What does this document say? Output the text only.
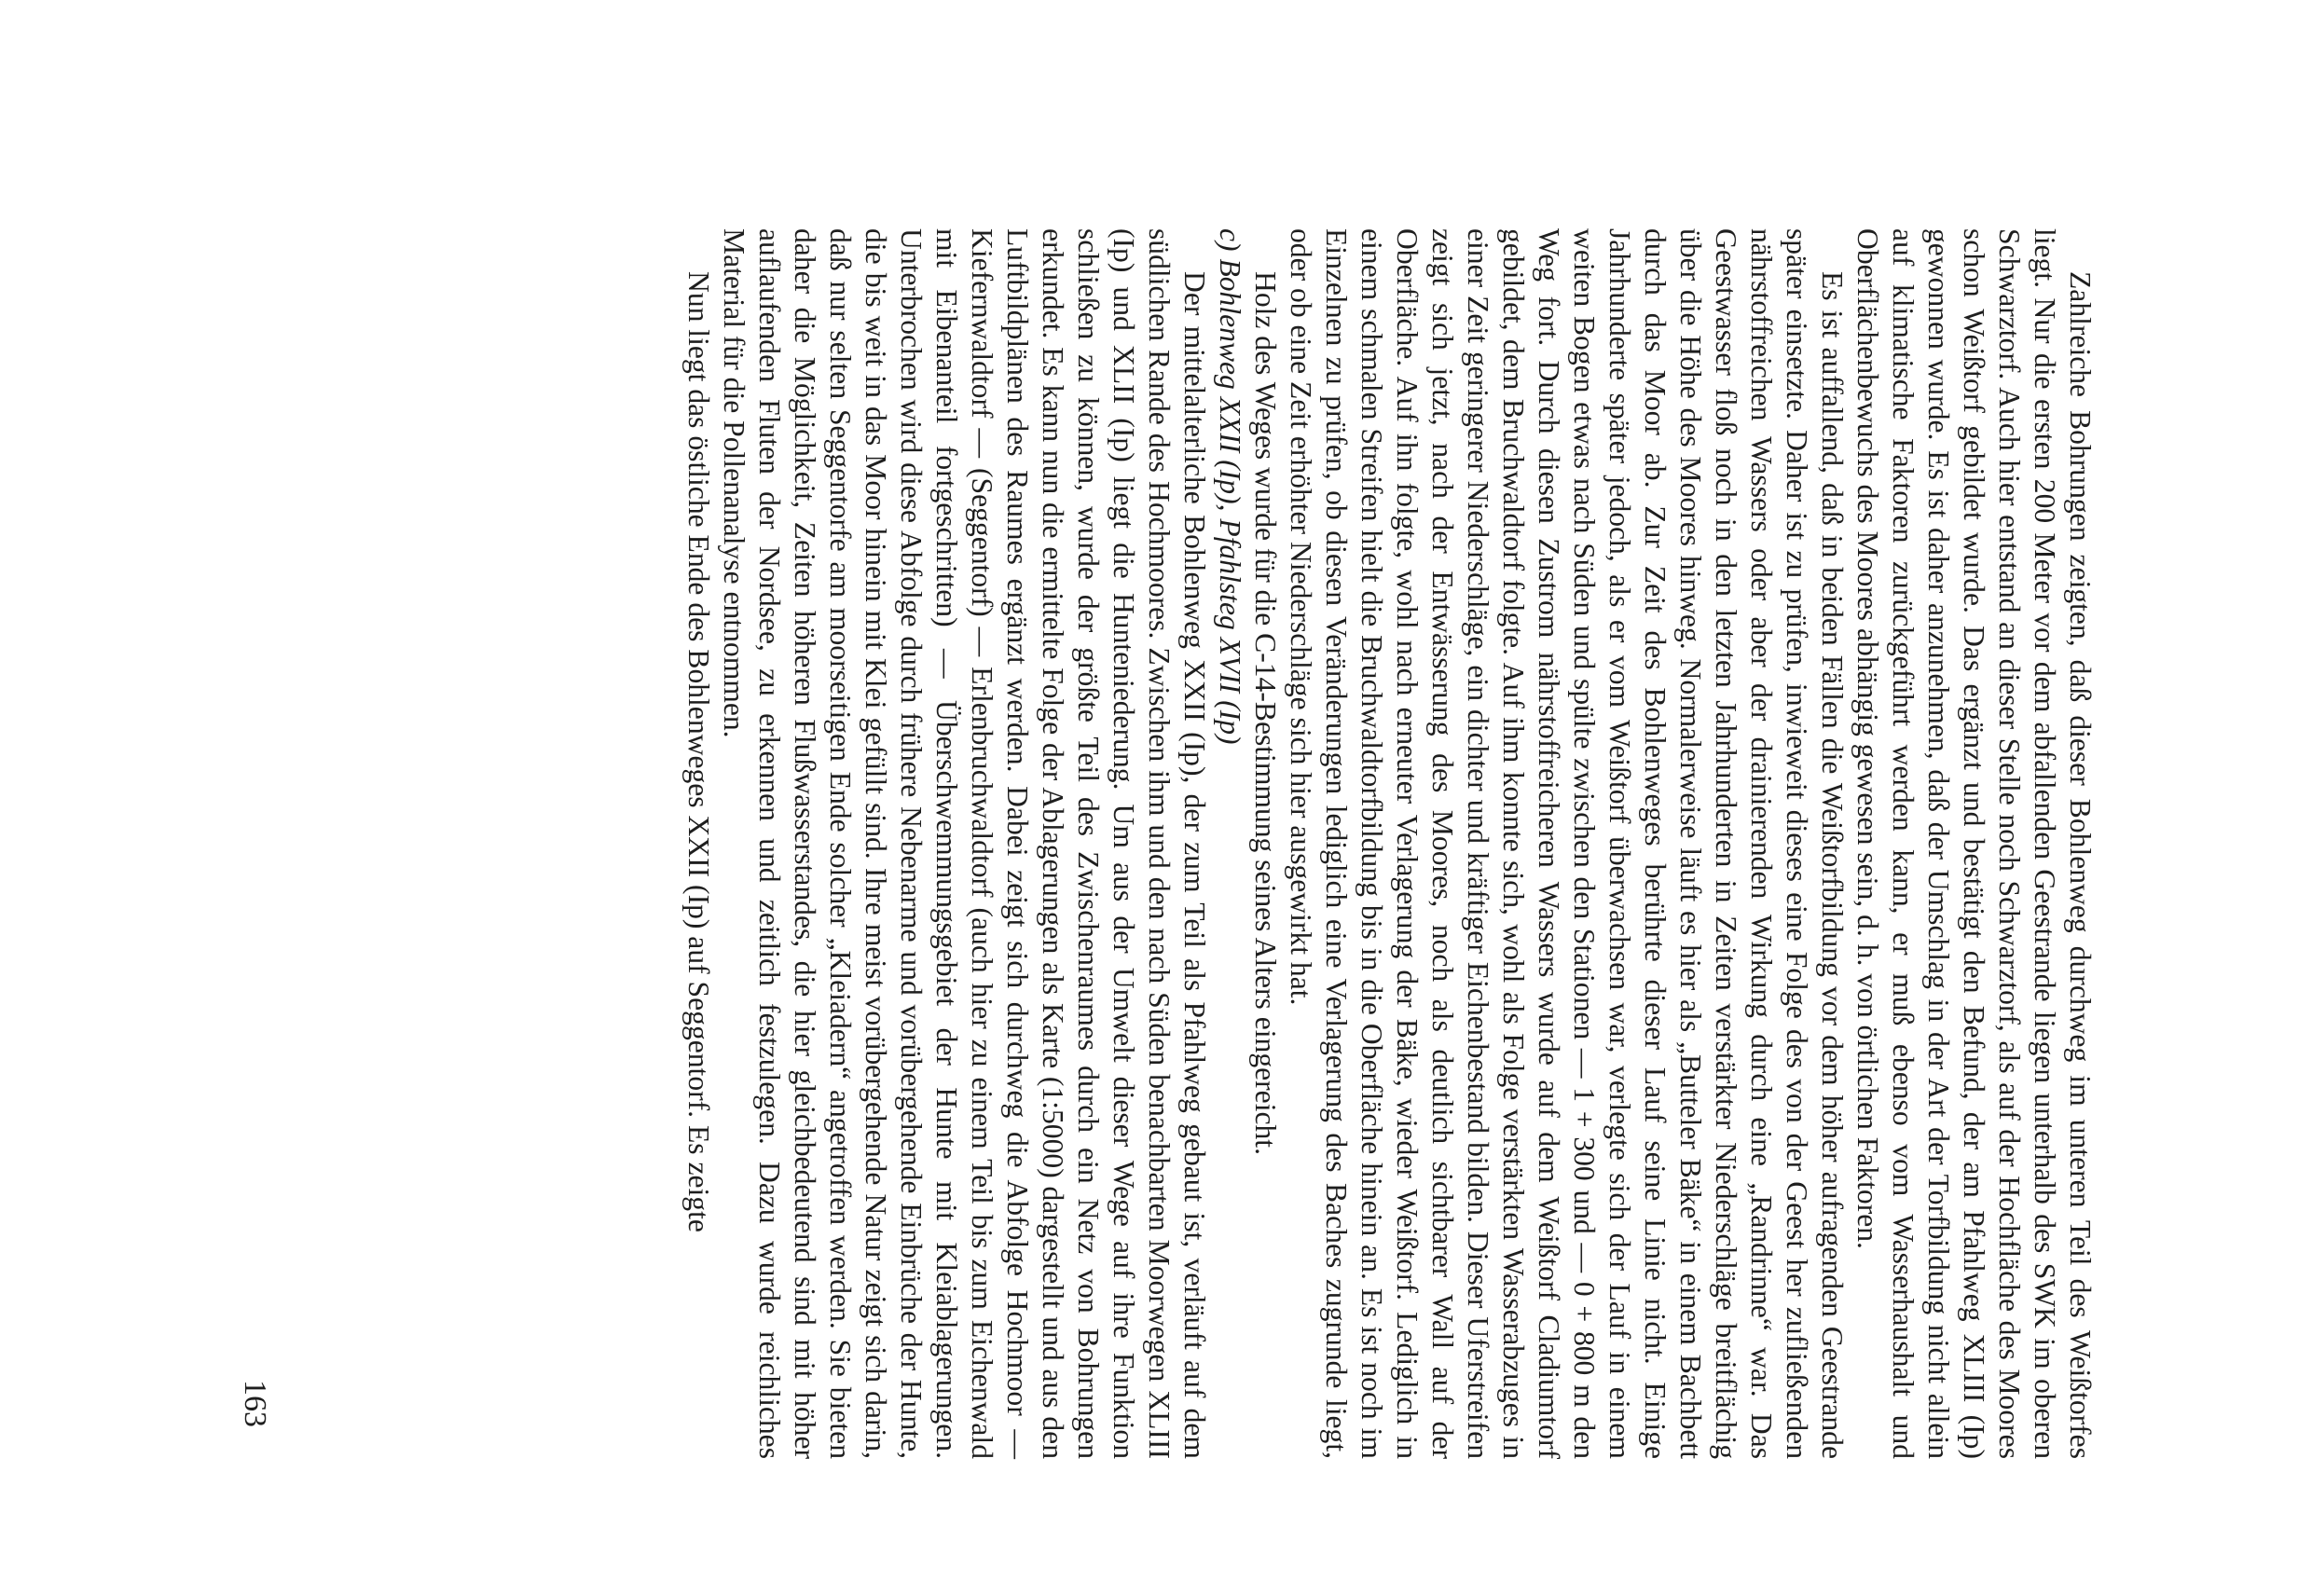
Zahlreiche Bohrungen zeigten, daß dieser Bohlenweg durchweg im unteren Teil des Weißtorfes liegt. Nur die ersten 200 Meter vor dem abfallenden Geestrande liegen unterhalb des SWK im oberen Schwarztorf. Auch hier entstand an dieser Stelle noch Schwarztorf, als auf der Hochfläche des Moores schon Weißtorf gebildet wurde. Das ergänzt und bestätigt den Befund, der am Pfahlweg XLIII (Ip) gewonnen wurde. Es ist daher anzunehmen, daß der Umschlag in der Art der Torfbildung nicht allein auf klimatische Faktoren zurückgeführt werden kann, er muß ebenso vom Wasserhaushalt und Oberflächenbewuchs des Moores abhängig gewesen sein, d. h. von örtlichen Faktoren.

Es ist auffallend, daß in beiden Fällen die Weißtorfbildung vor dem höher aufragenden Geestrande später einsetzte. Daher ist zu prüfen, inwieweit dieses eine Folge des von der Geest her zufließenden nährstoffreichen Wassers oder aber der drainierenden Wirkung durch eine „Randrinne“ war. Das Geestwasser floß noch in den letzten Jahrhunderten in Zeiten verstärkter Niederschläge breitflächig über die Höhe des Moores hinweg. Normalerweise läuft es hier als „Butteler Bäke“ in einem Bachbett durch das Moor ab. Zur Zeit des Bohlenweges berührte dieser Lauf seine Linie nicht. Einige Jahrhunderte später jedoch, als er vom Weißtorf überwachsen war, verlegte sich der Lauf in einem weiten Bogen etwas nach Süden und spülte zwischen den Stationen — 1 + 300 und — 0 + 800 m den Weg fort. Durch diesen Zustrom nährstoffreicheren Wassers wurde auf dem Weißtorf Cladiumtorf gebildet, dem Bruchwaldtorf folgte. Auf ihm konnte sich, wohl als Folge verstärkten Wasserabzuges in einer Zeit geringerer Niederschläge, ein dichter und kräftiger Eichenbestand bilden. Dieser Uferstreifen zeigt sich jetzt, nach der Entwässerung des Moores, noch als deutlich sichtbarer Wall auf der Oberfläche. Auf ihn folgte, wohl nach erneuter Verlagerung der Bäke, wieder Weißtorf. Lediglich in einem schmalen Streifen hielt die Bruchwaldtorfbildung bis in die Oberfläche hinein an. Es ist noch im Einzelnen zu prüfen, ob diesen Veränderungen lediglich eine Verlagerung des Baches zugrunde liegt, oder ob eine Zeit erhöhter Niederschläge sich hier ausgewirkt hat.

Holz des Weges wurde für die C-14-Bestimmung seines Alters eingereicht.

c) Bohlenweg XXII (Ip), Pfahlsteg XVII (Ip)

Der mittelalterliche Bohlenweg XXII (Ip), der zum Teil als Pfahlweg gebaut ist, verläuft auf dem südlichen Rande des Hochmoores. Zwischen ihm und den nach Süden benachbarten Moorwegen XLIII (Ip) und XLII (Ip) liegt die Hunteniederung. Um aus der Umwelt dieser Wege auf ihre Funktion schließen zu können, wurde der größte Teil des Zwischenraumes durch ein Netz von Bohrungen erkundet. Es kann nun die ermittelte Folge der Ablagerungen als Karte (1:5000) dargestellt und aus den Luftbildplänen des Raumes ergänzt werden. Dabei zeigt sich durchweg die Abfolge Hochmoor — Kiefernwaldtorf — (Seggentorf) — Erlenbruchwaldtorf (auch hier zu einem Teil bis zum Eichenwald mit Eibenanteil fortgeschritten) — Überschwemmungsgebiet der Hunte mit Kleiablagerungen. Unterbrochen wird diese Abfolge durch frühere Nebenarme und vorübergehende Einbrüche der Hunte, die bis weit in das Moor hinein mit Klei gefüllt sind. Ihre meist vorübergehende Natur zeigt sich darin, daß nur selten Seggentorfe am moorseitigen Ende solcher „Kleiadern“ angetroffen werden. Sie bieten daher die Möglichkeit, Zeiten höheren Flußwasserstandes, die hier gleichbedeutend sind mit höher auflaufenden Fluten der Nordsee, zu erkennen und zeitlich festzulegen. Dazu wurde reichliches Material für die Pollenanalyse entnommen.

Nun liegt das östliche Ende des Bohlenweges XXII (Ip) auf Seggentorf. Es zeigte

163
